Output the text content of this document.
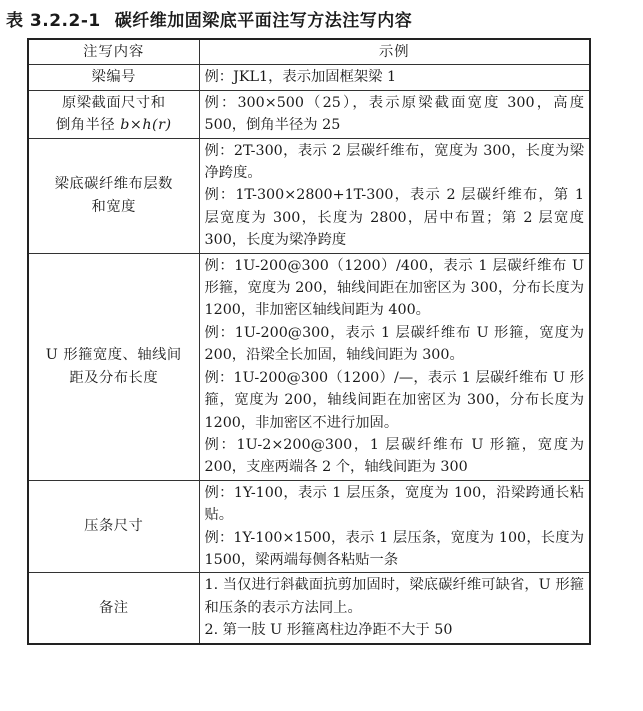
表 3.2.2-1 碳纤维加固梁底平面注写方法注写内容
注写内容	示例
梁编号	例：JKL1，表示加固框架梁 1

原梁截面尺寸和
倒角半径 b×h(r)	例：300×500（25），表示原梁截面宽度 300，高度 500，倒角半径为 25

梁底碳纤维布层数和宽度	例：2T-300，表示 2 层碳纤维布，宽度为 300，长度为梁净跨度。

例：1T-300×2800+1T-300，表示 2 层碳纤维布，第 1 层宽度为 300，长度为 2800，居中布置；第 2 层宽度 300，长度为梁净跨度

U 形箍宽度、轴线间距及分布长度	例：1U-200@300（1200）/400，表示 1 层碳纤维布 U 形箍，宽度为 200，轴线间距在加密区为 300，分布长度为 1200，非加密区轴线间距为 400。

例：1U-200@300，表示 1 层碳纤维布 U 形箍，宽度为 200，沿梁全长加固，轴线间距为 300。

例：1U-200@300（1200）/—，表示 1 层碳纤维布 U 形箍，宽度为 200，轴线间距在加密区为 300，分布长度为 1200，非加密区不进行加固。

例：1U-2×200@300，1 层碳纤维布 U 形箍，宽度为 200，支座两端各 2 个，轴线间距为 300

压条尺寸	例：1Y-100，表示 1 层压条，宽度为 100，沿梁跨通长粘贴。

例：1Y-100×1500，表示 1 层压条，宽度为 100，长度为 1500，梁两端每侧各粘贴一条

备注	1. 当仅进行斜截面抗剪加固时，梁底碳纤维可缺省，U 形箍和压条的表示方法同上。

2. 第一肢 U 形箍离柱边净距不大于 50
